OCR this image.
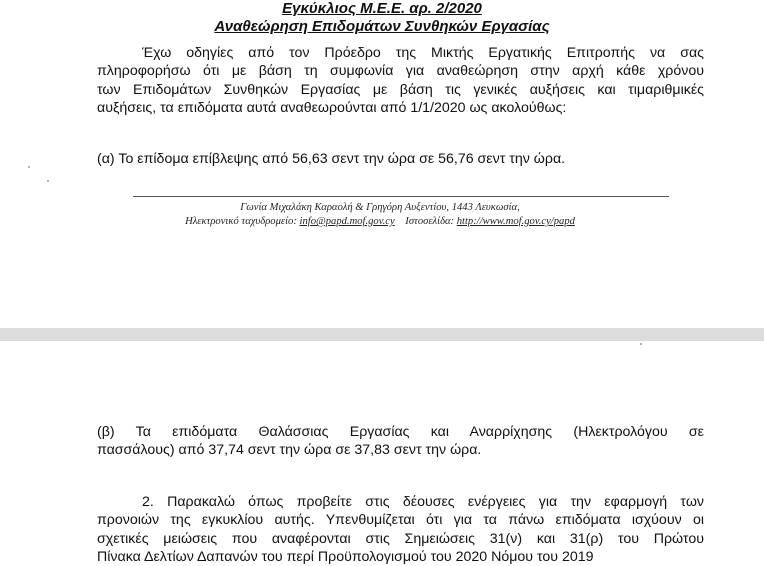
Εγκύκλιος Μ.Ε.Ε. αρ. 2/2020
Αναθεώρηση Επιδομάτων Συνθηκών Εργασίας
Έχω οδηγίες από τον Πρόεδρο της Μικτής Εργατικής Επιτροπής να σας
πληροφορήσω ότι με βάση τη συμφωνία για αναθεώρηση στην αρχή κάθε χρόνου
των Επιδομάτων Συνθηκών Εργασίας με βάση τις γενικές αυξήσεις και τιμαριθμικές
αυξήσεις, τα επιδόματα αυτά αναθεωρούνται από 1/1/2020 ως ακολούθως:
(α) Το επίδομα επίβλεψης από 56,63 σεντ την ώρα σε 56,76 σεντ την ώρα.
Γωνία Μιχαλάκη Καραολή & Γρηγόρη Αυξεντίου, 1443 Λευκωσία,
Ηλεκτρονικό ταχυδρομείο: info@papd.mof.gov.cy Ιστοσελίδα: http://www.mof.gov.cy/papd
(β) Τα επιδόματα Θαλάσσιας Εργασίας και Αναρρίχησης (Ηλεκτρολόγου σε
πασσάλους) από 37,74 σεντ την ώρα σε 37,83 σεντ την ώρα.
2. Παρακαλώ όπως προβείτε στις δέουσες ενέργειες για την εφαρμογή των
προνοιών της εγκυκλίου αυτής. Υπενθυμίζεται ότι για τα πάνω επιδόματα ισχύουν οι
σχετικές μειώσεις που αναφέρονται στις Σημειώσεις 31(ν) και 31(ρ) του Πρώτου
Πίνακα Δελτίων Δαπανών του περί Προϋπολογισμού του 2020 Νόμου του 2019
